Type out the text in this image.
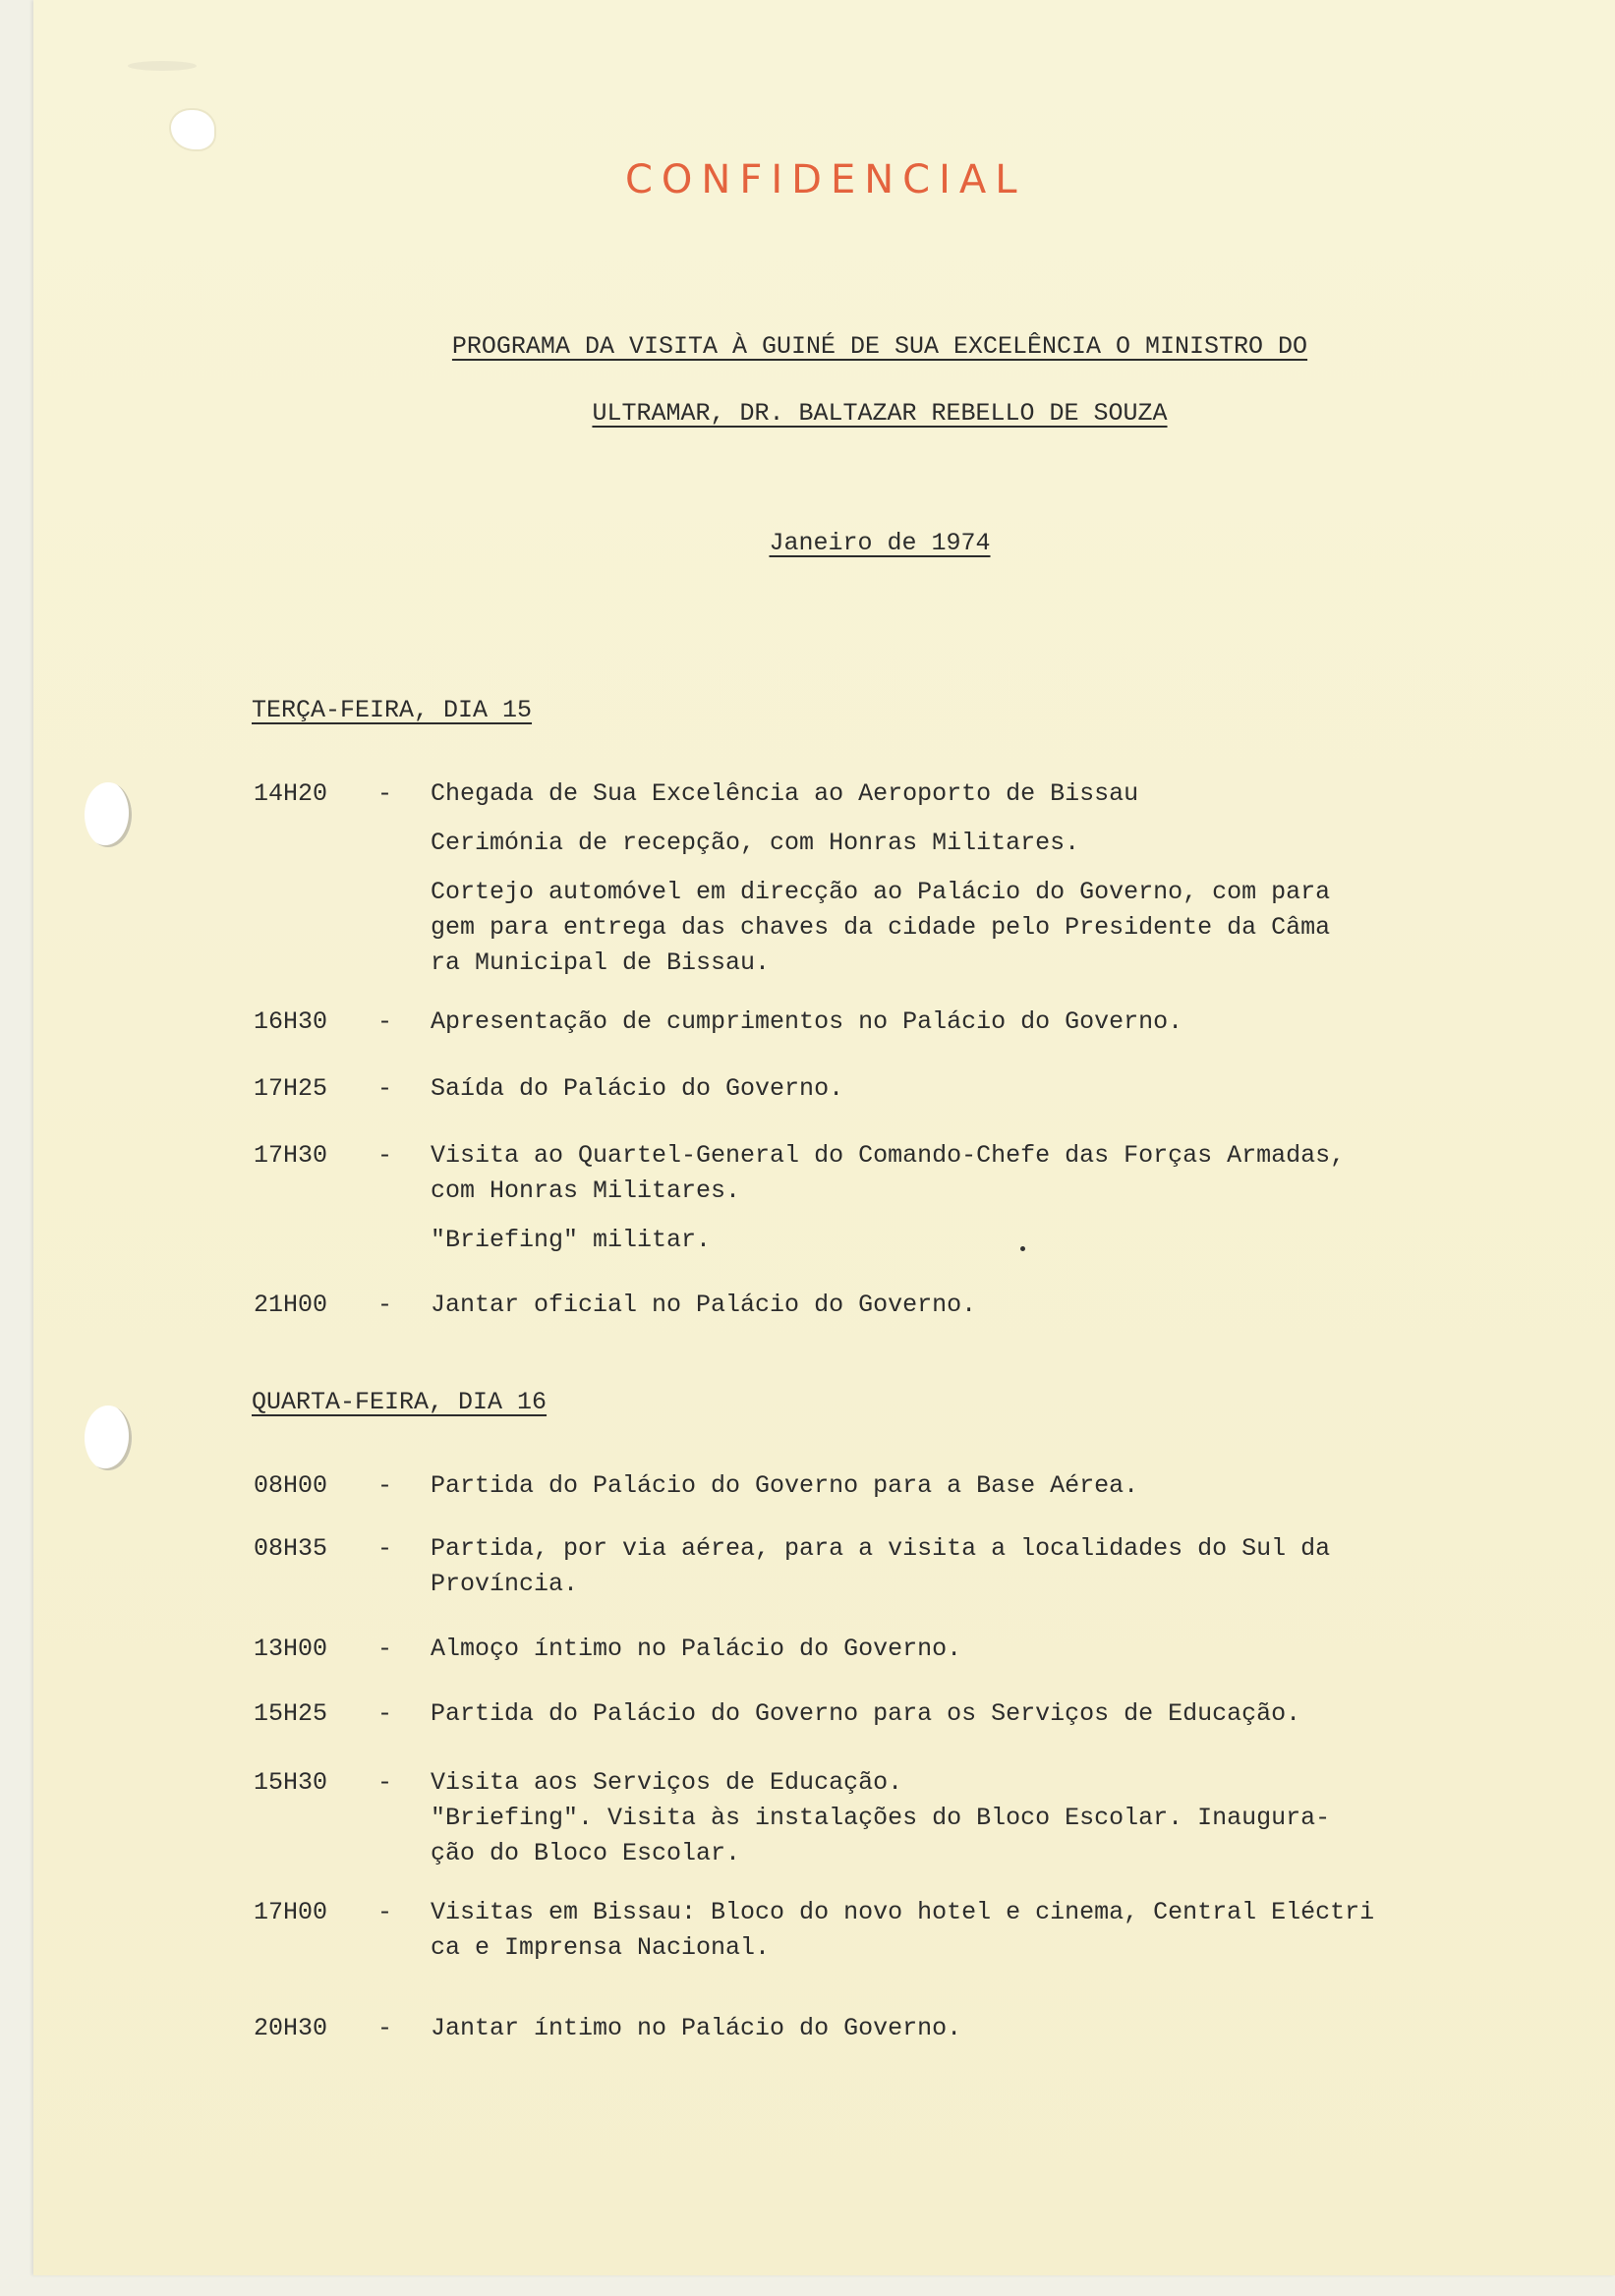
CONFIDENCIAL
PROGRAMA DA VISITA À GUINÉ DE SUA EXCELÊNCIA O MINISTRO DO
ULTRAMAR, DR. BALTAZAR REBELLO DE SOUZA
Janeiro de 1974
TERÇA-FEIRA, DIA 15
14H20 - Chegada de Sua Excelência ao Aeroporto de Bissau

Cerimónia de recepção, com Honras Militares.

Cortejo automóvel em direcção ao Palácio do Governo, com para

gem para entrega das chaves da cidade pelo Presidente da Câma

ra Municipal de Bissau.

16H30 - Apresentação de cumprimentos no Palácio do Governo.

17H25 - Saída do Palácio do Governo.

17H30 - Visita ao Quartel-General do Comando-Chefe das Forças Armadas,

com Honras Militares.

"Briefing" militar.

21H00 - Jantar oficial no Palácio do Governo.

QUARTA-FEIRA, DIA 16
08H00 - Partida do Palácio do Governo para a Base Aérea.

08H35 - Partida, por via aérea, para a visita a localidades do Sul da

Província.

13H00 - Almoço íntimo no Palácio do Governo.

15H25 - Partida do Palácio do Governo para os Serviços de Educação.

15H30 - Visita aos Serviços de Educação.

"Briefing". Visita às instalações do Bloco Escolar. Inaugura-

ção do Bloco Escolar.

17H00 - Visitas em Bissau: Bloco do novo hotel e cinema, Central Eléctri

ca e Imprensa Nacional.

20H30 - Jantar íntimo no Palácio do Governo.
